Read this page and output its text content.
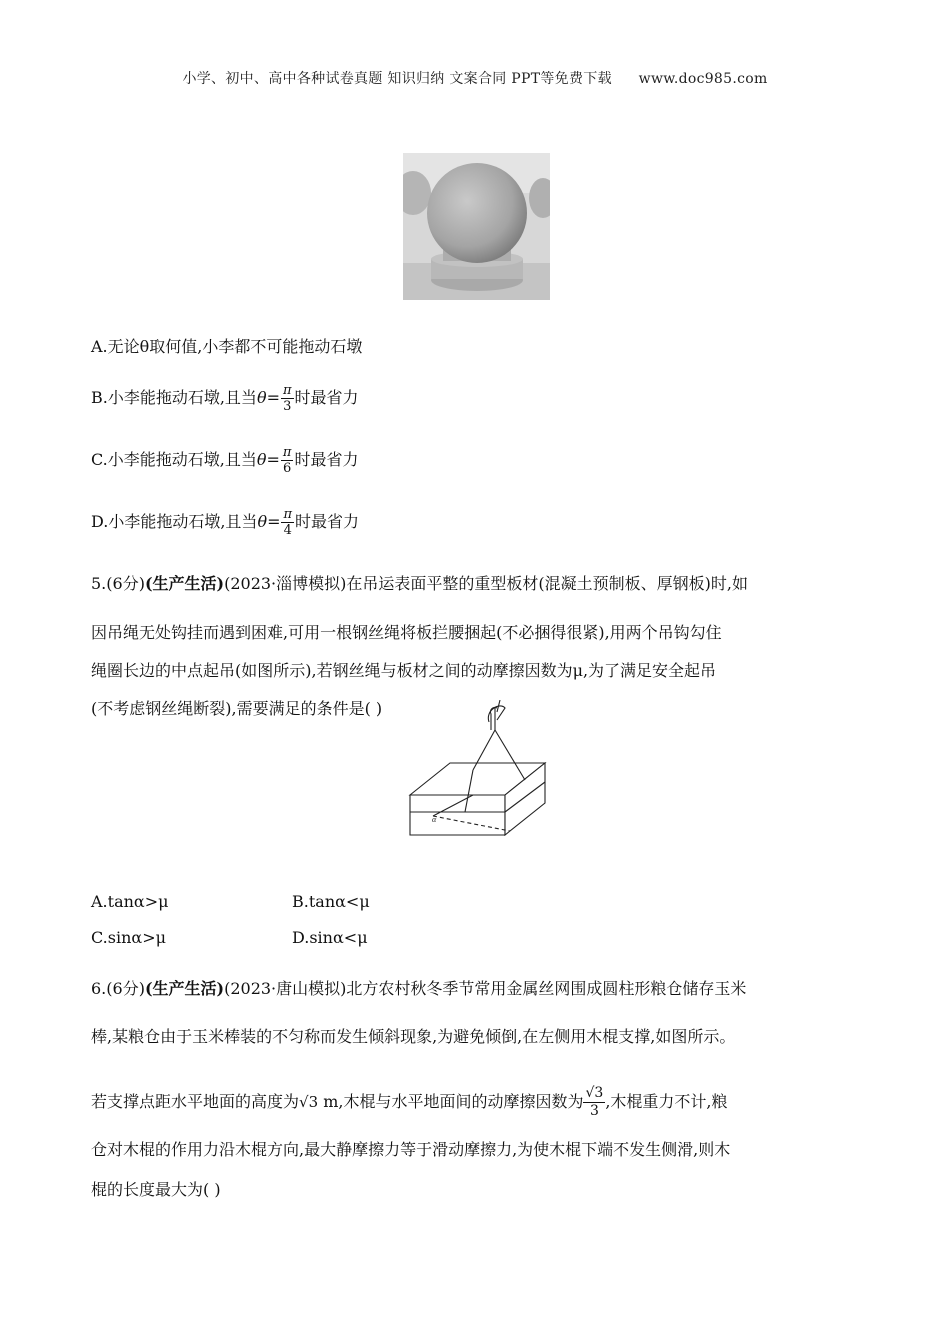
小学、初中、高中各种试卷真题 知识归纳 文案合同 PPT等免费下载 www.doc985.com
A.无论θ取何值,小李都不可能拖动石墩
B.小李能拖动石墩,且当$\theta= \frac{\pi}{3}$ 时最省力
C.小李能拖动石墩,且当$\theta= \frac{\pi}{6}$ 时最省力
D.小李能拖动石墩,且当$\theta= \frac{\pi}{4}$ 时最省力
5.(6分)(生产生活)(2023·淄博模拟)在吊运表面平整的重型板材(混凝土预制板、厚钢板)时,如
因吊绳无处钩挂而遇到困难,可用一根钢丝绳将板拦腰捆起(不必捆得很紧),用两个吊钩勾住
绳圈长边的中点起吊(如图所示),若钢丝绳与板材之间的动摩擦因数为μ,为了满足安全起吊
(不考虑钢丝绳断裂),需要满足的条件是( )
α
A.tanα>μ	B.tanα<μ
C.sinα>μ	D.sinα<μ
6.(6分)(生产生活)(2023·唐山模拟)北方农村秋冬季节常用金属丝网围成圆柱形粮仓储存玉米
棒,某粮仓由于玉米棒装的不匀称而发生倾斜现象,为避免倾倒,在左侧用木棍支撑,如图所示。
若支撑点距水平地面的高度为√3 m,木棍与水平地面间的动摩擦因数为 $\frac{√3}{3}$ ,木棍重力不计,粮
仓对木棍的作用力沿木棍方向,最大静摩擦力等于滑动摩擦力,为使木棍下端不发生侧滑,则木
棍的长度最大为( )
